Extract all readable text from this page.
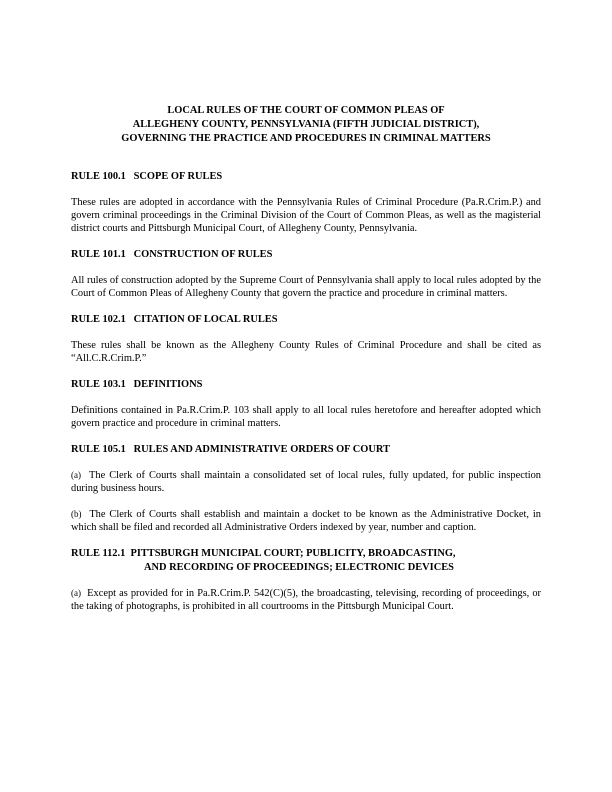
LOCAL RULES OF THE COURT OF COMMON PLEAS OF
ALLEGHENY COUNTY, PENNSYLVANIA (FIFTH JUDICIAL DISTRICT),
GOVERNING THE PRACTICE AND PROCEDURES IN CRIMINAL MATTERS
RULE 100.1   SCOPE OF RULES

These rules are adopted in accordance with the Pennsylvania Rules of Criminal Procedure (Pa.R.Crim.P.) and govern criminal proceedings in the Criminal Division of the Court of Common Pleas, as well as the magisterial district courts and Pittsburgh Municipal Court, of Allegheny County, Pennsylvania.

RULE 101.1   CONSTRUCTION OF RULES

All rules of construction adopted by the Supreme Court of Pennsylvania shall apply to local rules adopted by the Court of Common Pleas of Allegheny County that govern the practice and procedure in criminal matters.

RULE 102.1   CITATION OF LOCAL RULES

These rules shall be known as the Allegheny County Rules of Criminal Procedure and shall be cited as “All.C.R.Crim.P.”

RULE 103.1   DEFINITIONS

Definitions contained in Pa.R.Crim.P. 103 shall apply to all local rules heretofore and hereafter adopted which govern practice and procedure in criminal matters.

RULE 105.1   RULES AND ADMINISTRATIVE ORDERS OF COURT

(a) The Clerk of Courts shall maintain a consolidated set of local rules, fully updated, for public inspection during business hours.

(b) The Clerk of Courts shall establish and maintain a docket to be known as the Administrative Docket, in which shall be filed and recorded all Administrative Orders indexed by year, number and caption.

RULE 112.1  PITTSBURGH MUNICIPAL COURT; PUBLICITY, BROADCASTING,
AND RECORDING OF PROCEEDINGS; ELECTRONIC DEVICES

(a) Except as provided for in Pa.R.Crim.P. 542(C)(5), the broadcasting, televising, recording of proceedings, or the taking of photographs, is prohibited in all courtrooms in the Pittsburgh Municipal Court.
